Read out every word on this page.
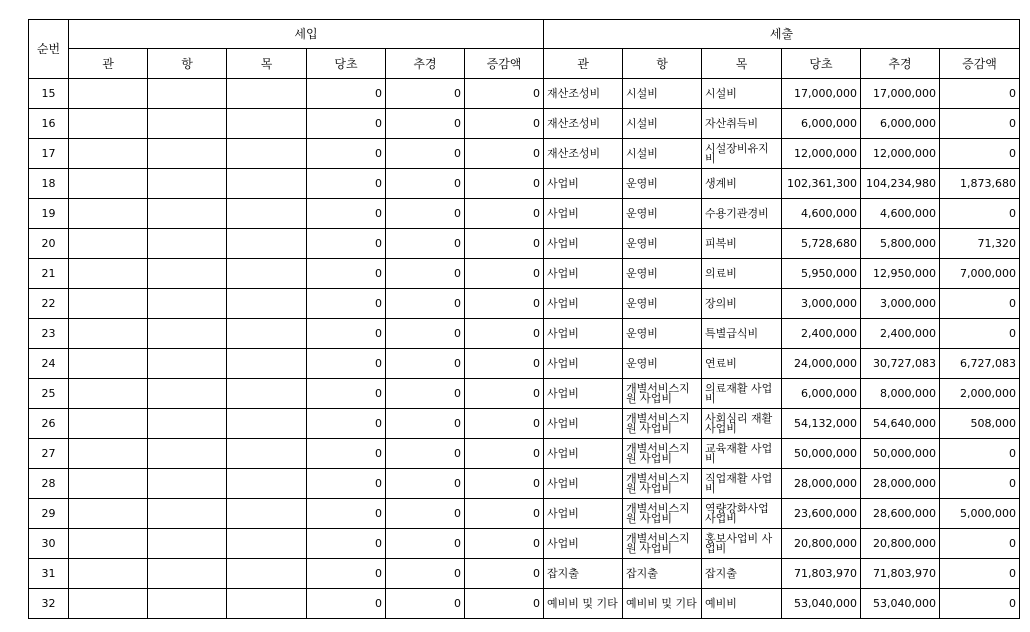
순번	세입						세출					
	관	항	목	당초	추경	증감액	관	항	목	당초	추경	증감액
15				0	0	0	재산조성비	시설비	시설비	17,000,000	17,000,000	0
16				0	0	0	재산조성비	시설비	자산취득비	6,000,000	6,000,000	0
17				0	0	0	재산조성비	시설비	시설장비유지비	12,000,000	12,000,000	0
18				0	0	0	사업비	운영비	생계비	102,361,300	104,234,980	1,873,680
19				0	0	0	사업비	운영비	수용기관경비	4,600,000	4,600,000	0
20				0	0	0	사업비	운영비	피복비	5,728,680	5,800,000	71,320
21				0	0	0	사업비	운영비	의료비	5,950,000	12,950,000	7,000,000
22				0	0	0	사업비	운영비	장의비	3,000,000	3,000,000	0
23				0	0	0	사업비	운영비	특별급식비	2,400,000	2,400,000	0
24				0	0	0	사업비	운영비	연료비	24,000,000	30,727,083	6,727,083
25				0	0	0	사업비	개별서비스지원 사업비	의료재활 사업비	6,000,000	8,000,000	2,000,000
26				0	0	0	사업비	개별서비스지원 사업비	사회심리 재활 사업비	54,132,000	54,640,000	508,000
27				0	0	0	사업비	개별서비스지원 사업비	교육재활 사업비	50,000,000	50,000,000	0
28				0	0	0	사업비	개별서비스지원 사업비	직업재활 사업비	28,000,000	28,000,000	0
29				0	0	0	사업비	개별서비스지원 사업비	역량강화사업 사업비	23,600,000	28,600,000	5,000,000
30				0	0	0	사업비	개별서비스지원 사업비	홍보사업비 사업비	20,800,000	20,800,000	0
31				0	0	0	잡지출	잡지출	잡지출	71,803,970	71,803,970	0
32				0	0	0	예비비 및 기타	예비비 및 기타	예비비	53,040,000	53,040,000	0
